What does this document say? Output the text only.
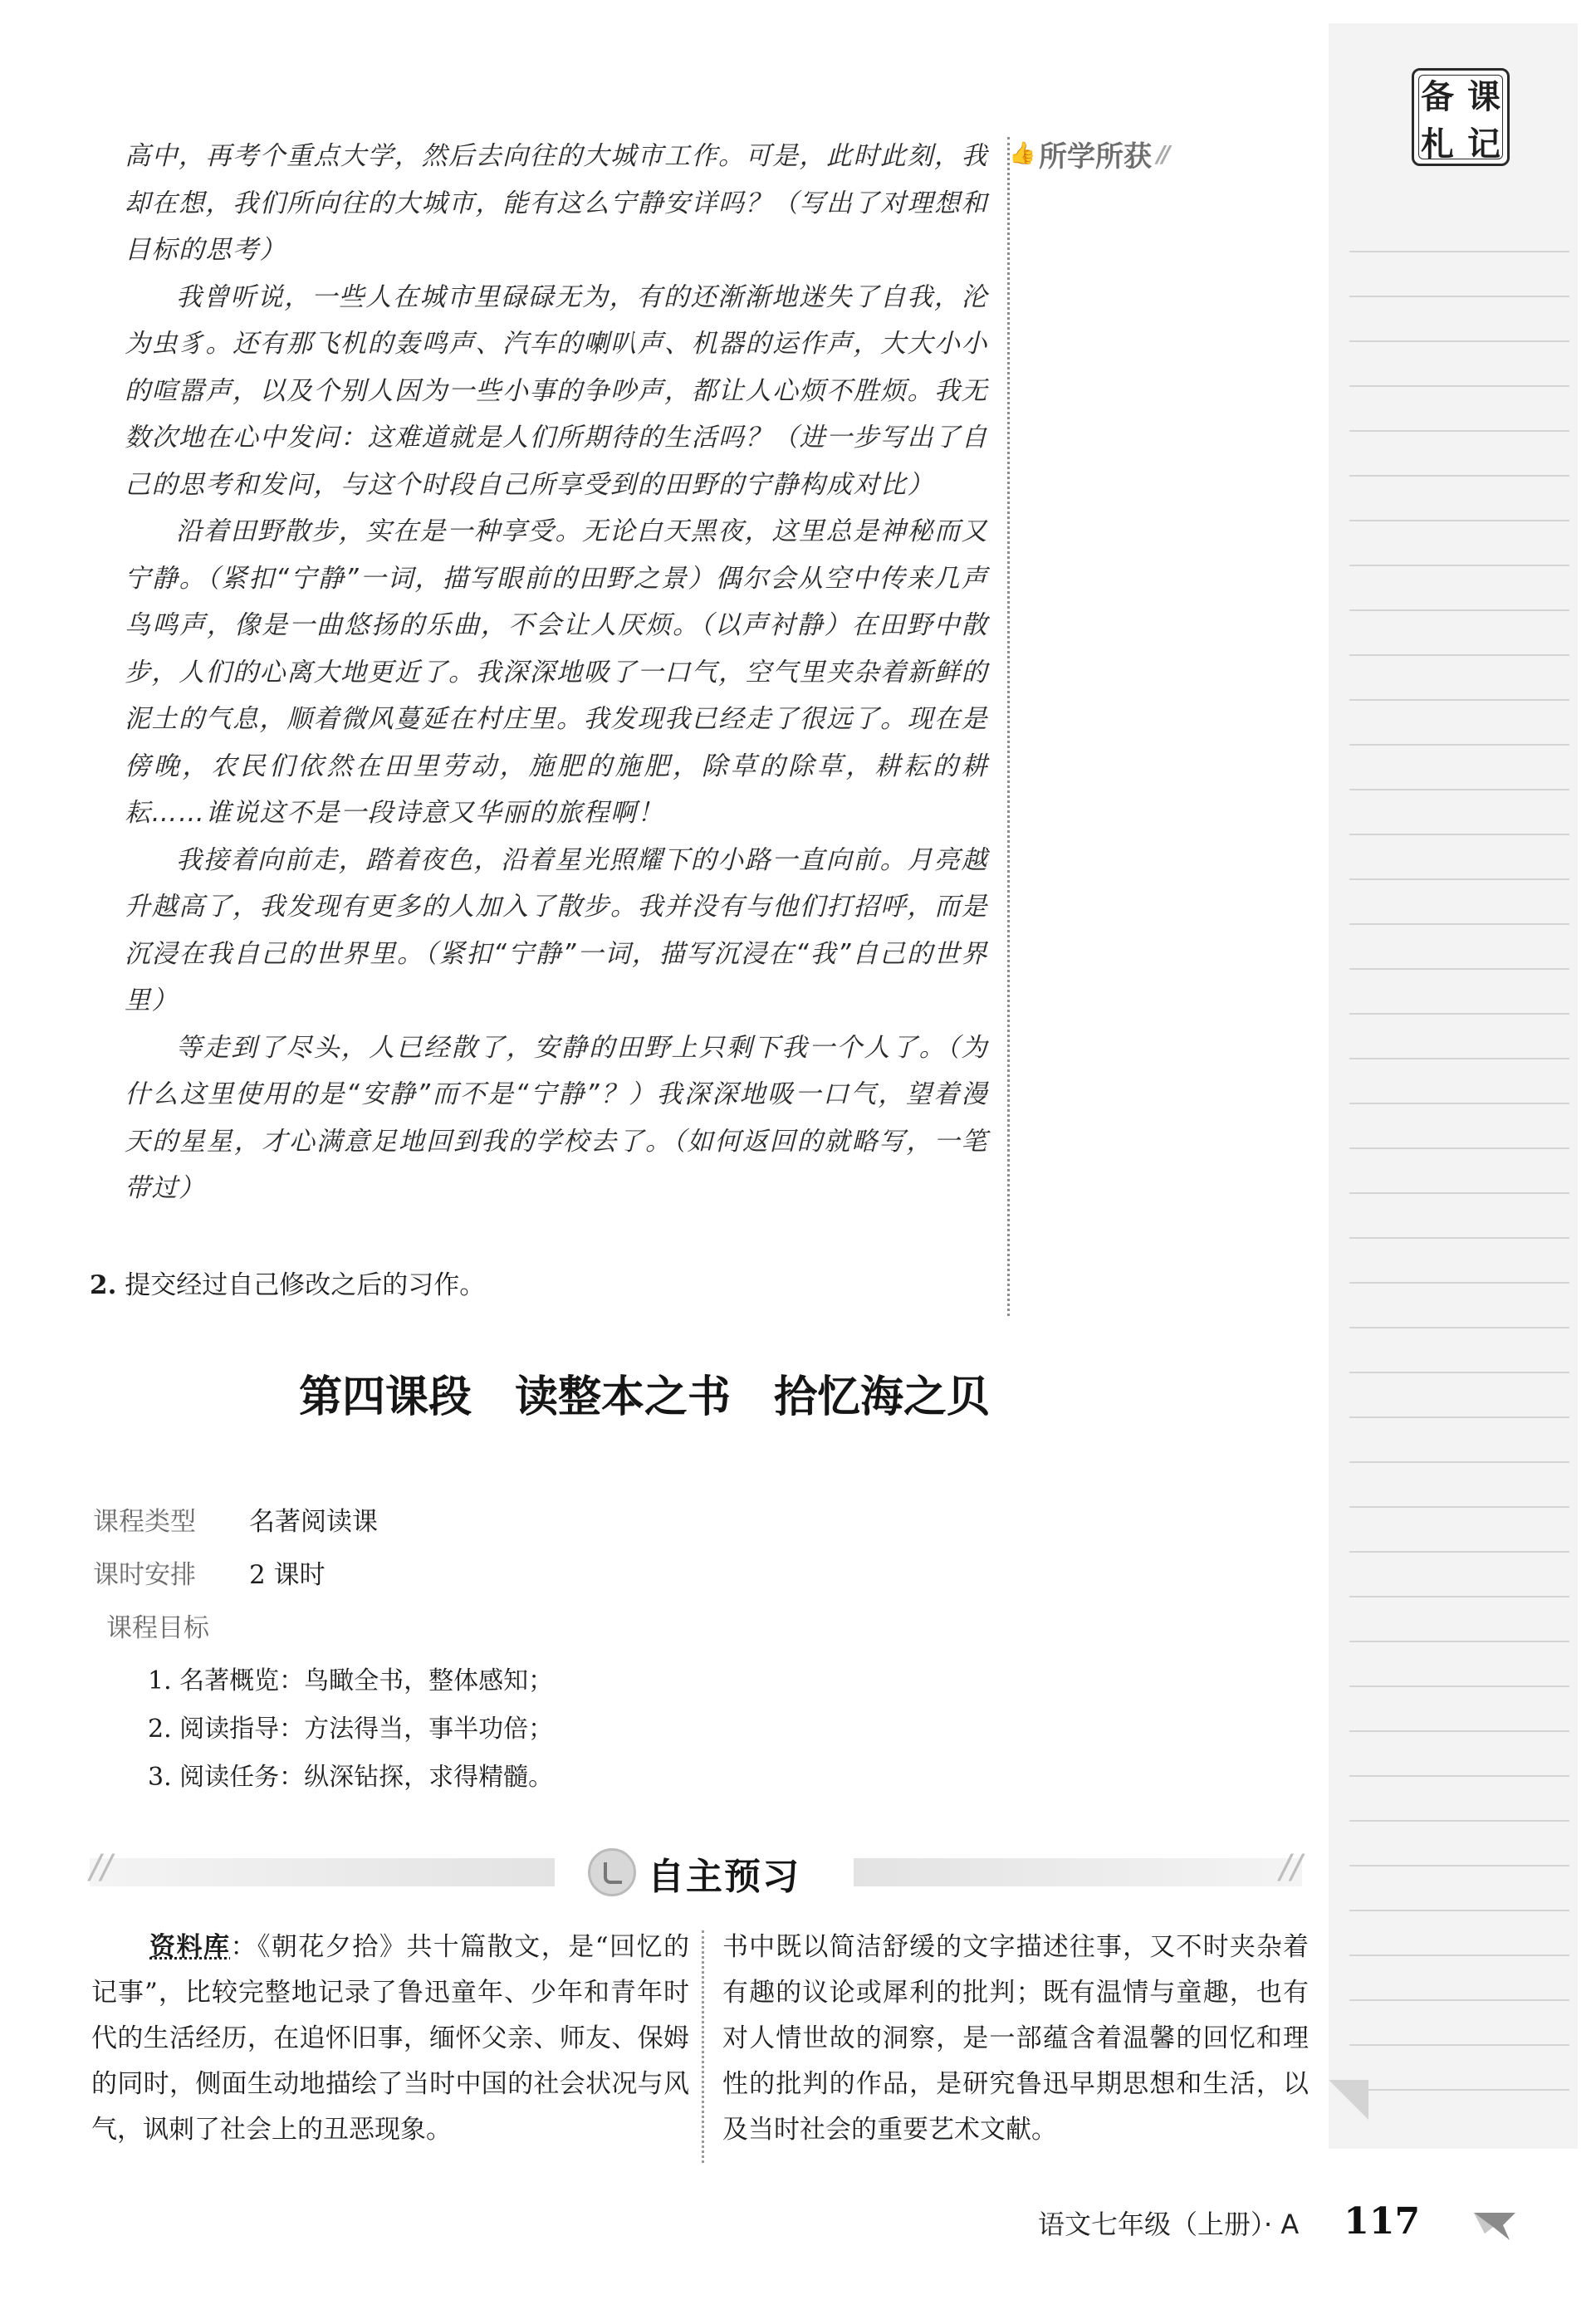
备 课
札 记
👍 所学所获 //

高中，再考个重点大学，然后去向往的大城市工作。可是，此时此刻，我却在想，我们所向往的大城市，能有这么宁静安详吗？（写出了对理想和目标的思考）

我曾听说，一些人在城市里碌碌无为，有的还渐渐地迷失了自我，沦为虫豸。还有那飞机的轰鸣声、汽车的喇叭声、机器的运作声，大大小小的喧嚣声，以及个别人因为一些小事的争吵声，都让人心烦不胜烦。我无数次地在心中发问：这难道就是人们所期待的生活吗？（进一步写出了自己的思考和发问，与这个时段自己所享受到的田野的宁静构成对比）

沿着田野散步，实在是一种享受。无论白天黑夜，这里总是神秘而又宁静。（紧扣“宁静”一词，描写眼前的田野之景）偶尔会从空中传来几声鸟鸣声，像是一曲悠扬的乐曲，不会让人厌烦。（以声衬静）在田野中散步，人们的心离大地更近了。我深深地吸了一口气，空气里夹杂着新鲜的泥土的气息，顺着微风蔓延在村庄里。我发现我已经走了很远了。现在是傍晚，农民们依然在田里劳动，施肥的施肥，除草的除草，耕耘的耕耘……谁说这不是一段诗意又华丽的旅程啊！

我接着向前走，踏着夜色，沿着星光照耀下的小路一直向前。月亮越升越高了，我发现有更多的人加入了散步。我并没有与他们打招呼，而是沉浸在我自己的世界里。（紧扣“宁静”一词，描写沉浸在“我”自己的世界里）

等走到了尽头，人已经散了，安静的田野上只剩下我一个人了。（为什么这里使用的是“安静”而不是“宁静”？）我深深地吸一口气，望着漫天的星星，才心满意足地回到我的学校去了。（如何返回的就略写，一笔带过）

2. 提交经过自己修改之后的习作。
第四课段　读整本之书　拾忆海之贝
课程类型	名著阅读课
课时安排	2 课时
课程目标
1. 名著概览：鸟瞰全书，整体感知；
2. 阅读指导：方法得当，事半功倍；
3. 阅读任务：纵深钻探，求得精髓。
//	//
自主预习
资料库：《朝花夕拾》共十篇散文，是“回忆的记事”，比较完整地记录了鲁迅童年、少年和青年时代的生活经历，在追怀旧事，缅怀父亲、师友、保姆的同时，侧面生动地描绘了当时中国的社会状况与风气，讽刺了社会上的丑恶现象。
书中既以简洁舒缓的文字描述往事，又不时夹杂着有趣的议论或犀利的批判；既有温情与童趣，也有对人情世故的洞察，是一部蕴含着温馨的回忆和理性的批判的作品，是研究鲁迅早期思想和生活，以及当时社会的重要艺术文献。
语文七年级（上册）· A 117
